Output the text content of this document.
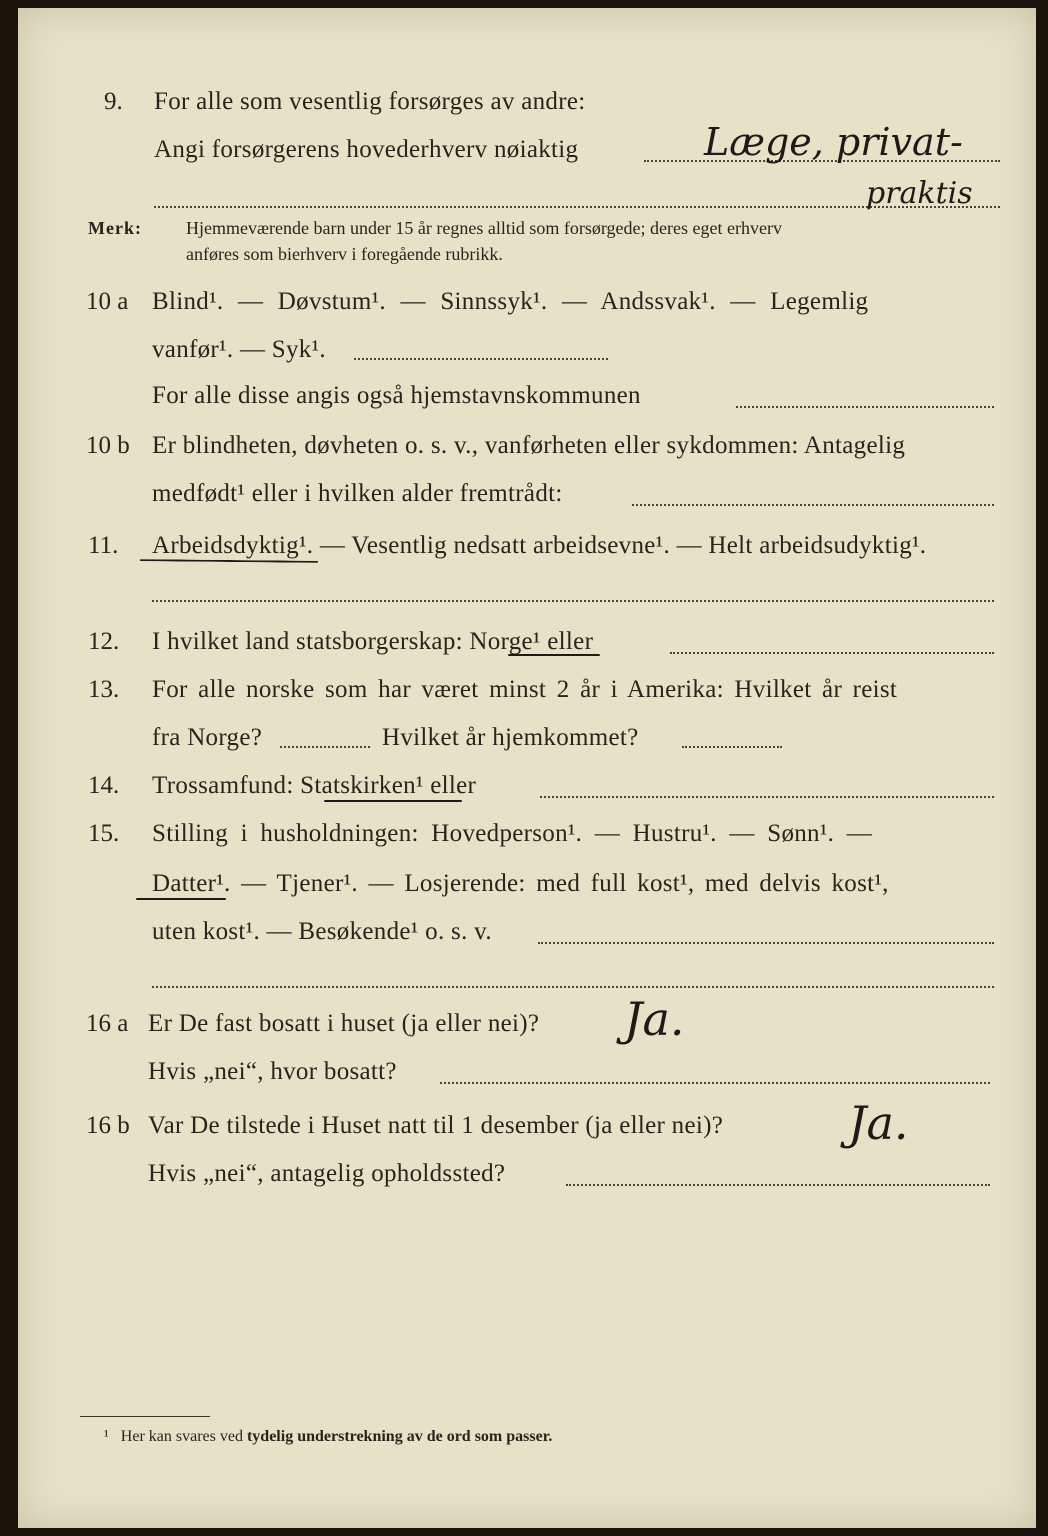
9. For alle som vesentlig forsørges av andre:
Angi forsørgerens hovederhverv nøiaktig	Læge, privat-
praktis
Merk: Hjemmeværende barn under 15 år regnes alltid som forsørgede; deres eget erhverv
anføres som bierhverv i foregående rubrikk.
10 a Blind¹. — Døvstum¹. — Sinnssyk¹. — Andssvak¹. — Legemlig
vanfør¹. — Syk¹.
For alle disse angis også hjemstavnskommunen
10 b Er blindheten, døvheten o. s. v., vanførheten eller sykdommen: Antagelig
medfødt¹ eller i hvilken alder fremtrådt:
11. Arbeidsdyktig¹. — Vesentlig nedsatt arbeidsevne¹. — Helt arbeidsudyktig¹.
12. I hvilket land statsborgerskap: Norge¹ eller
13. For alle norske som har været minst 2 år i Amerika: Hvilket år reist
fra Norge?	Hvilket år hjemkommet?
14. Trossamfund: Statskirken¹ eller
15. Stilling i husholdningen: Hovedperson¹. — Hustru¹. — Sønn¹. —
Datter¹. — Tjener¹. — Losjerende: med full kost¹, med delvis kost¹,
uten kost¹. — Besøkende¹ o. s. v.
16 a Er De fast bosatt i huset (ja eller nei)? Ja.
Hvis „nei“, hvor bosatt?
16 b Var De tilstede i Huset natt til 1 desember (ja eller nei)?	Ja.
Hvis „nei“, antagelig opholdssted?
¹ Her kan svares ved tydelig understrekning av de ord som passer.
